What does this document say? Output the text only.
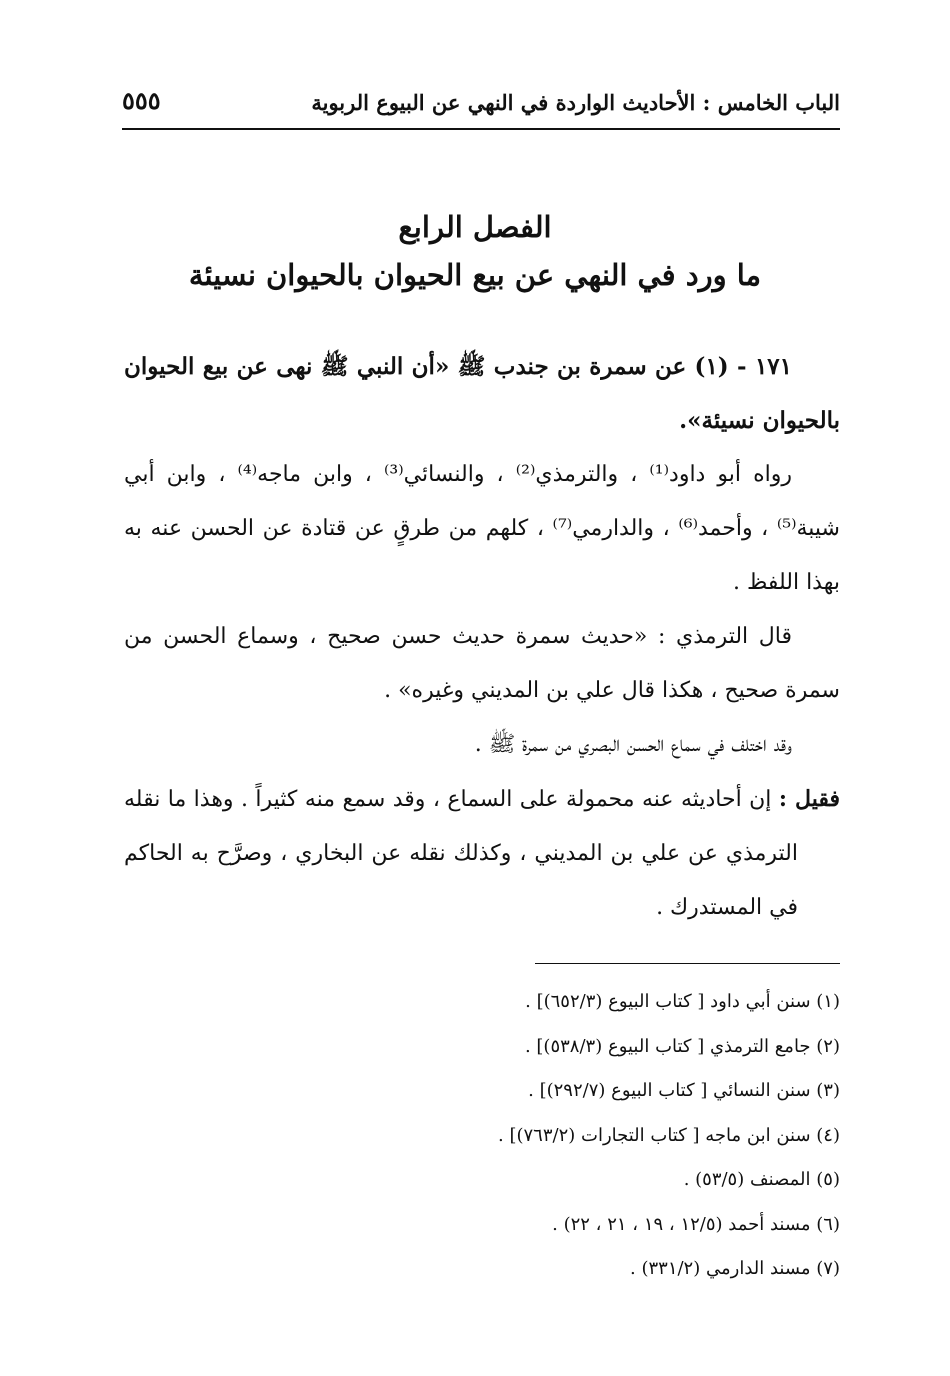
الباب الخامس : الأحاديث الواردة في النهي عن البيوع الربوية
٥٥٥
الفصل الرابع
ما ورد في النهي عن بيع الحيوان بالحيوان نسيئة

١٧١ - (١) عن سمرة بن جندب ﷺ «أن النبي ﷺ نهى عن بيع الحيوان بالحيوان نسيئة».

رواه أبو داود⁽¹⁾ ، والترمذي⁽²⁾ ، والنسائي⁽³⁾ ، وابن ماجه⁽⁴⁾ ، وابن أبي شيبة⁽⁵⁾ ، وأحمد⁽⁶⁾ ، والدارمي⁽⁷⁾ ، كلهم من طرقٍ عن قتادة عن الحسن عنه به بهذا اللفظ .

قال الترمذي : «حديث سمرة حديث حسن صحيح ، وسماع الحسن من سمرة صحيح ، هكذا قال علي بن المديني وغيره» .

وقد اختلف في سماع الحسن البصري من سمرة ﷺ .

فقيل : إن أحاديثه عنه محمولة على السماع ، وقد سمع منه كثيراً . وهذا ما نقله الترمذي عن علي بن المديني ، وكذلك نقله عن البخاري ، وصرَّح به الحاكم في المستدرك .

(١) سنن أبي داود [ كتاب البيوع (٦٥٢/٣)] .
(٢) جامع الترمذي [ كتاب البيوع (٥٣٨/٣)] .
(٣) سنن النسائي [ كتاب البيوع (٢٩٢/٧)] .
(٤) سنن ابن ماجه [ كتاب التجارات (٧٦٣/٢)] .
(٥) المصنف (٥٣/٥) .
(٦) مسند أحمد (١٢/٥ ، ١٩ ، ٢١ ، ٢٢) .
(٧) مسند الدارمي (٣٣١/٢) .
